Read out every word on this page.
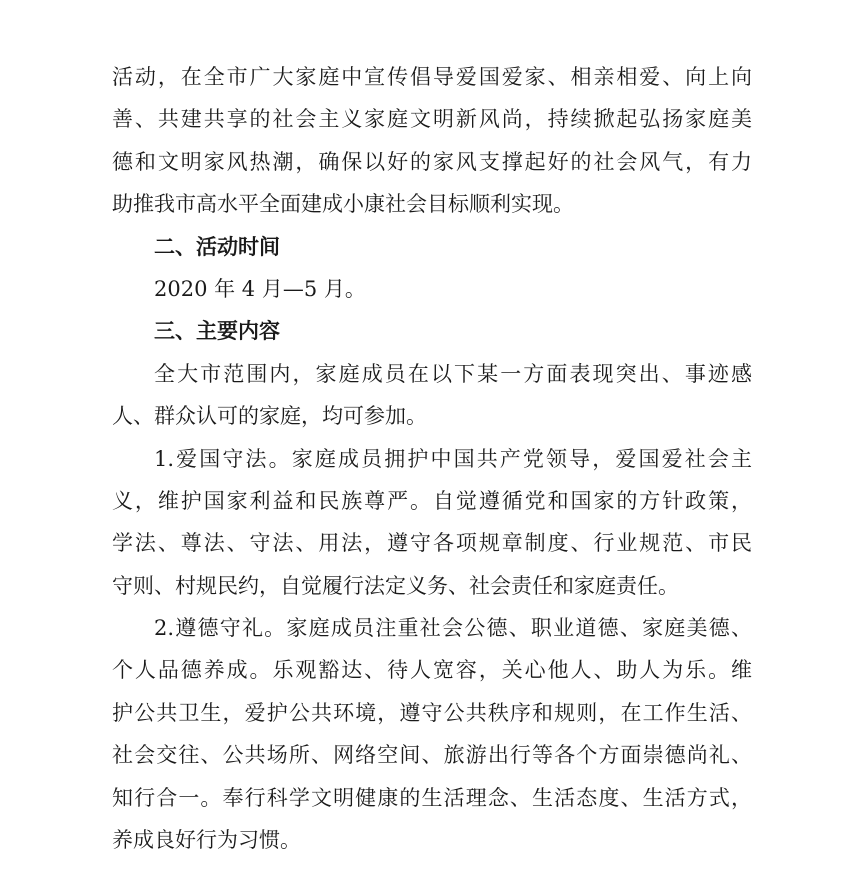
活动，在全市广大家庭中宣传倡导爱国爱家、相亲相爱、向上向
善、共建共享的社会主义家庭文明新风尚，持续掀起弘扬家庭美
德和文明家风热潮，确保以好的家风支撑起好的社会风气，有力
助推我市高水平全面建成小康社会目标顺利实现。
二、活动时间
2020 年 4 月—5 月。
三、主要内容
全大市范围内，家庭成员在以下某一方面表现突出、事迹感
人、群众认可的家庭，均可参加。
1.爱国守法。家庭成员拥护中国共产党领导，爱国爱社会主
义，维护国家利益和民族尊严。自觉遵循党和国家的方针政策，
学法、尊法、守法、用法，遵守各项规章制度、行业规范、市民
守则、村规民约，自觉履行法定义务、社会责任和家庭责任。
2.遵德守礼。家庭成员注重社会公德、职业道德、家庭美德、
个人品德养成。乐观豁达、待人宽容，关心他人、助人为乐。维
护公共卫生，爱护公共环境，遵守公共秩序和规则，在工作生活、
社会交往、公共场所、网络空间、旅游出行等各个方面崇德尚礼、
知行合一。奉行科学文明健康的生活理念、生活态度、生活方式，
养成良好行为习惯。
